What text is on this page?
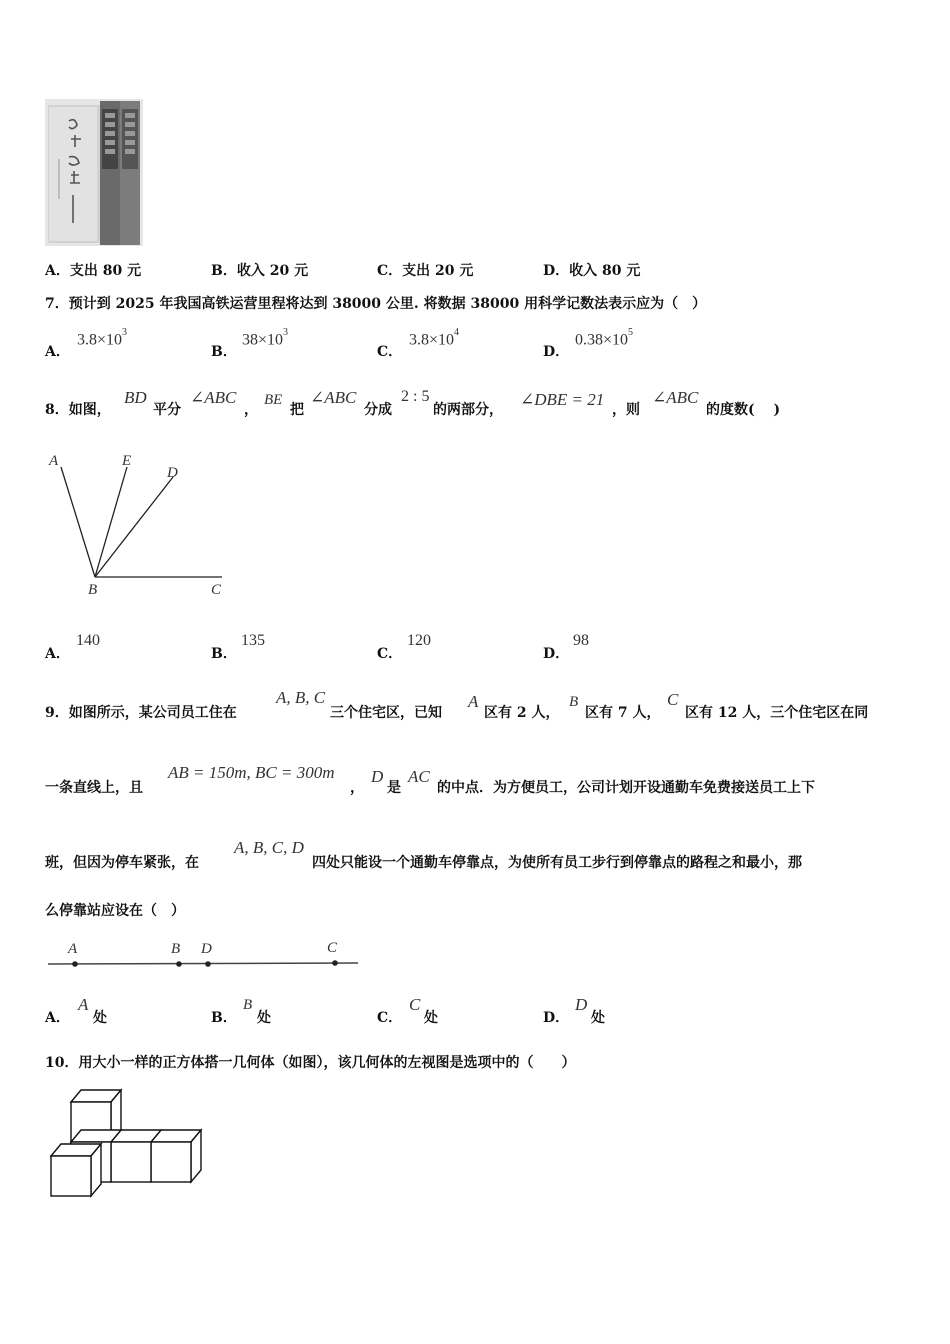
A．支出 80 元	B．收入 20 元	C．支出 20 元	D．收入 80 元
7．预计到 2025 年我国高铁运营里程将达到 38000 公里. 将数据 38000 用科学记数法表示应为（　）
A．
$3.8\times 10^3$
B．
$38\times 10^3$
C．
$3.8\times 10^4$
D．
$0.38\times 10^5$
8．如图，
BD
平分
∠ABC
，
BE
把
∠ABC
分成
2 : 5
的两部分，
∠DBE = 21
，则
∠ABC
的度数(　 )
A	E
D
B	C
A．
140
B．
135
C．
120
D．
98
9．如图所示，某公司员工住在
A, B, C
三个住宅区，已知
A
区有 2 人，
B
区有 7 人，
C
区有 12 人，三个住宅区在同
一条直线上，且
AB = 150m, BC = 300m
，
D
是
AC
的中点．为方便员工，公司计划开设通勤车免费接送员工上下
班，但因为停车紧张，在
A, B, C, D
四处只能设一个通勤车停靠点，为使所有员工步行到停靠点的路程之和最小，那
么停靠站应设在（　）
A	B D	C
A．
A
处	B．
B
处	C．
C
处	D．
D
处
10．用大小一样的正方体搭一几何体（如图），该几何体的左视图是选项中的（　　）
